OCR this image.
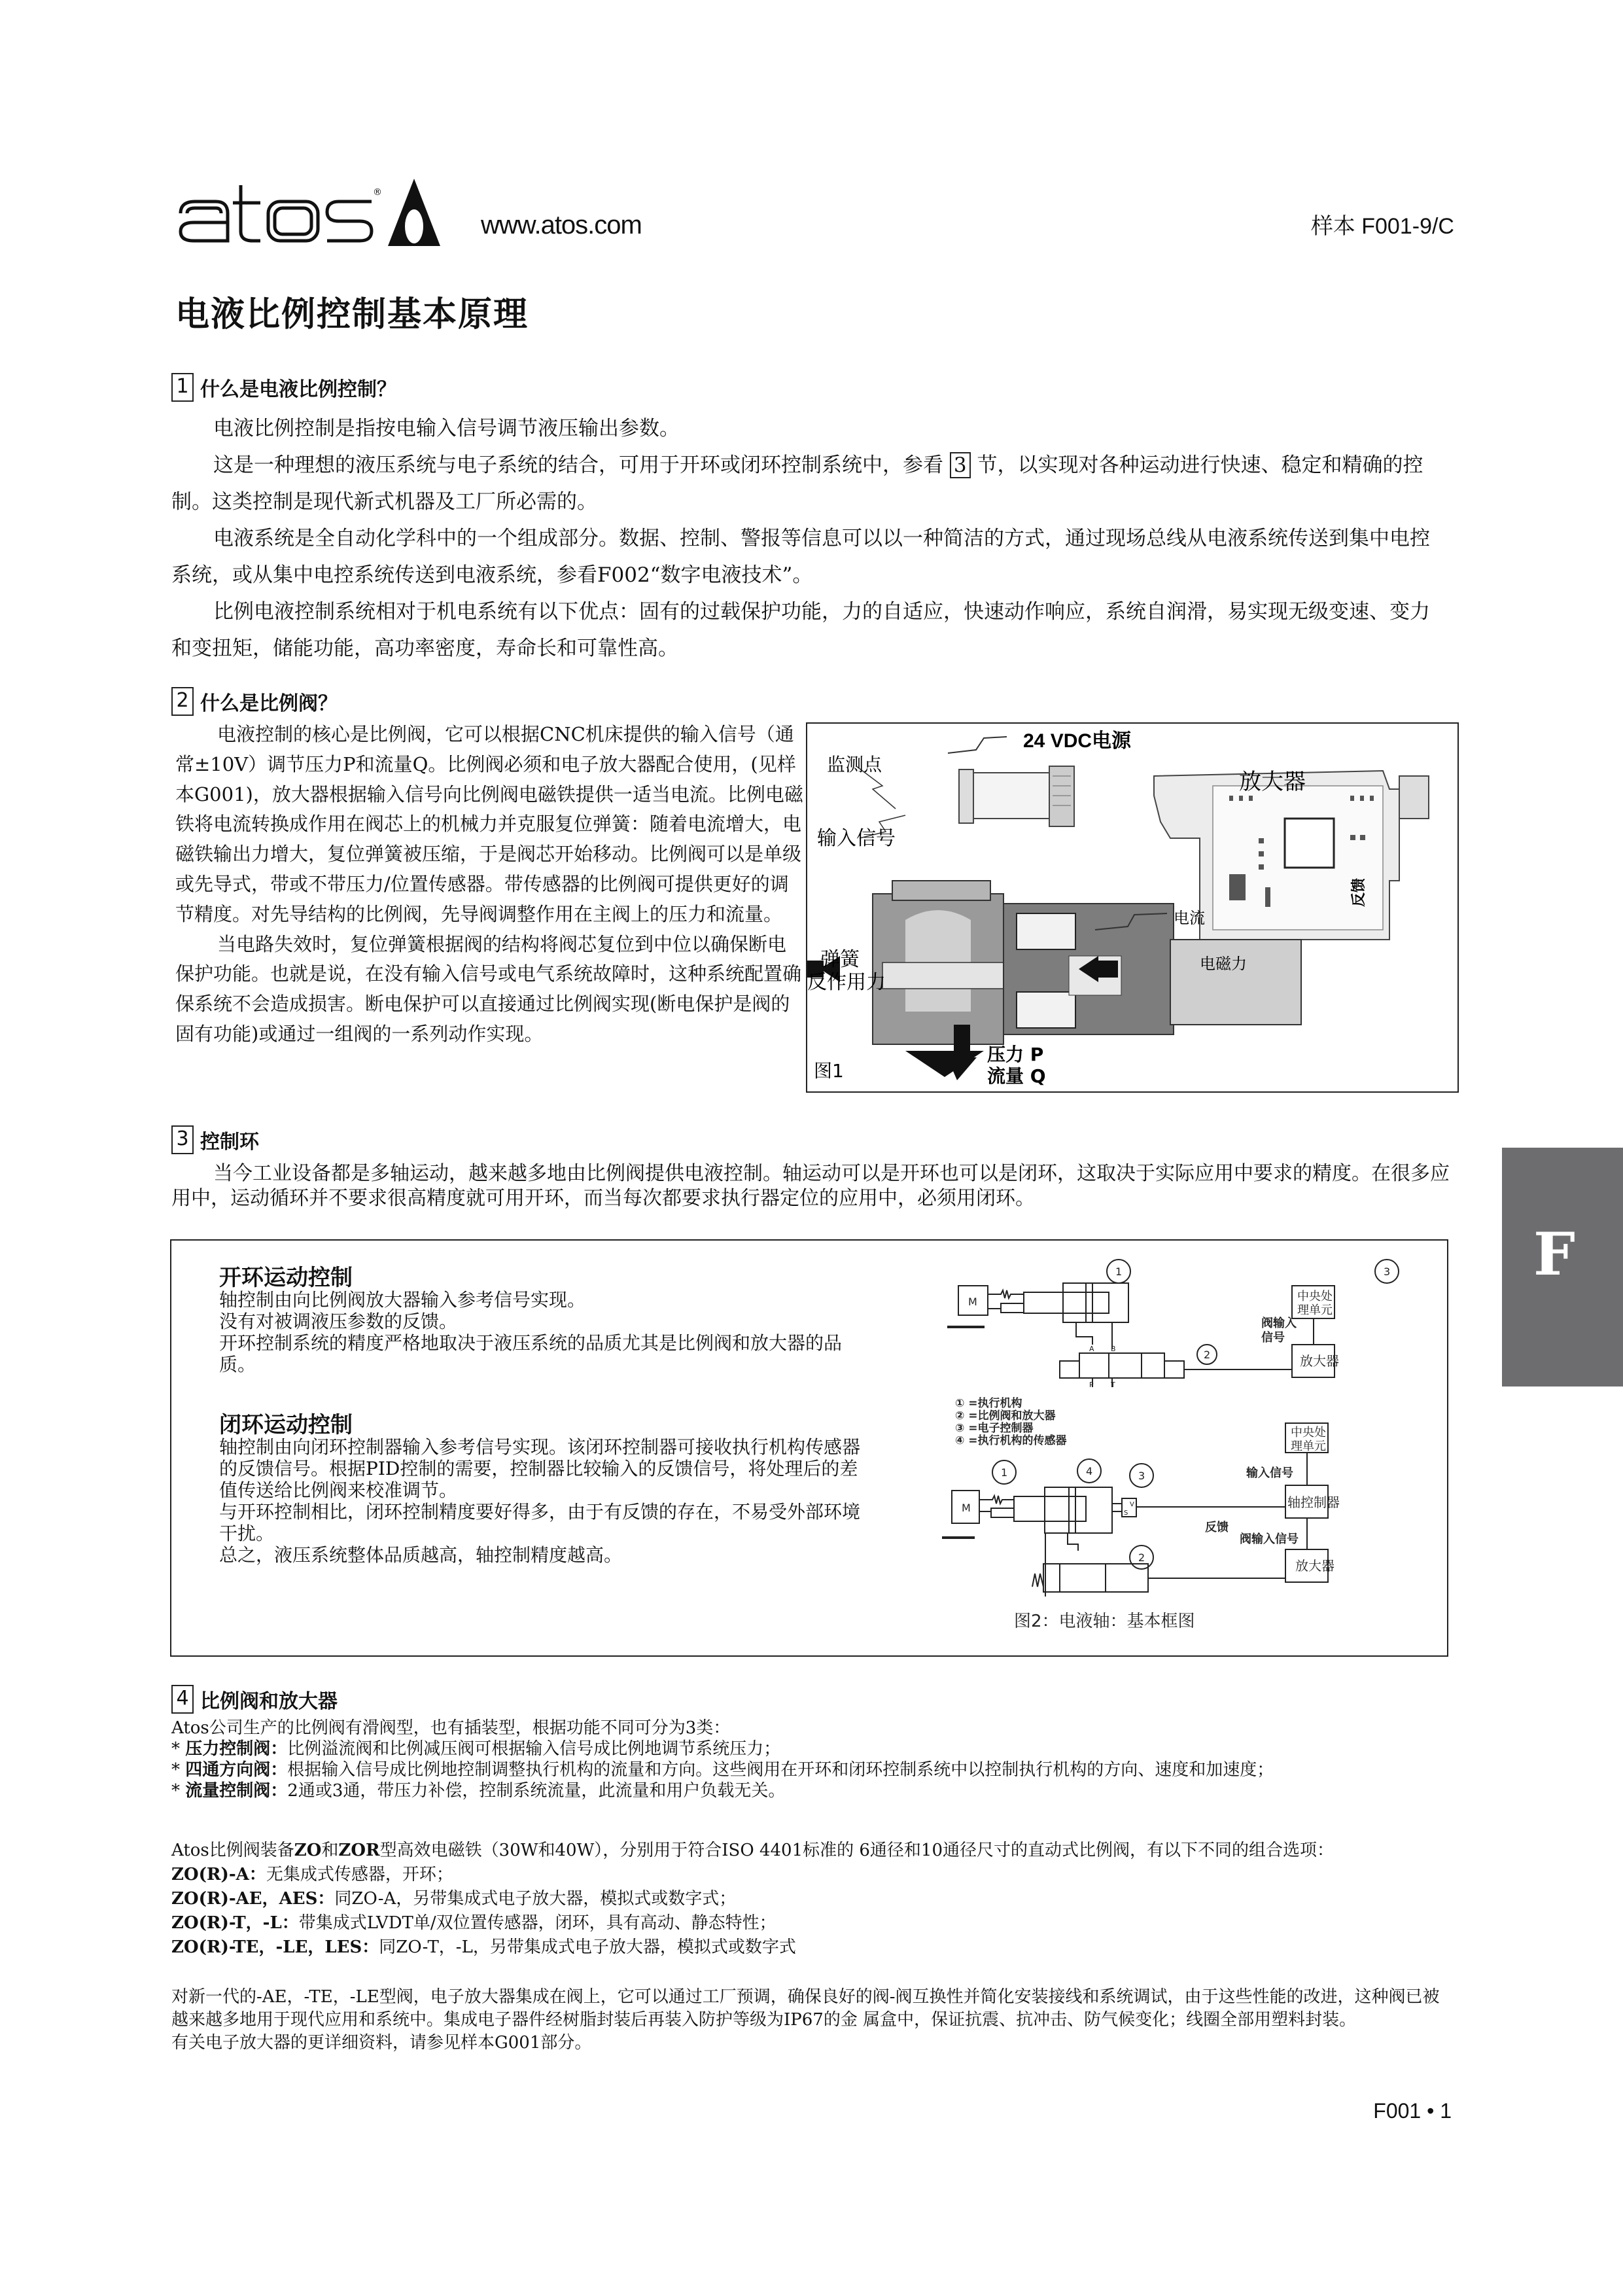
®
www.atos.com	样本 F001-9/C
电液比例控制基本原理
1 什么是电液比例控制？

电液比例控制是指按电输入信号调节液压输出参数。

这是一种理想的液压系统与电子系统的结合，可用于开环或闭环控制系统中，参看 3 节，以实现对各种运动进行快速、稳定和精确的控制。这类控制是现代新式机器及工厂所必需的。

电液系统是全自动化学科中的一个组成部分。数据、控制、警报等信息可以以一种简洁的方式，通过现场总线从电液系统传送到集中电控系统，或从集中电控系统传送到电液系统，参看F002“数字电液技术”。

比例电液控制系统相对于机电系统有以下优点：固有的过载保护功能，力的自适应，快速动作响应，系统自润滑，易实现无级变速、变力和变扭矩，储能功能，高功率密度，寿命长和可靠性高。

2 什么是比例阀？

电液控制的核心是比例阀，它可以根据CNC机床提供的输入信号（通常±10V）调节压力P和流量Q。比例阀必须和电子放大器配合使用，(见样本G001)，放大器根据输入信号向比例阀电磁铁提供一适当电流。比例电磁铁将电流转换成作用在阀芯上的机械力并克服复位弹簧：随着电流增大，电磁铁输出力增大，复位弹簧被压缩，于是阀芯开始移动。比例阀可以是单级或先导式，带或不带压力/位置传感器。带传感器的比例阀可提供更好的调节精度。对先导结构的比例阀，先导阀调整作用在主阀上的压力和流量。

当电路失效时，复位弹簧根据阀的结构将阀芯复位到中位以确保断电保护功能。也就是说，在没有输入信号或电气系统故障时，这种系统配置确保系统不会造成损害。断电保护可以直接通过比例阀实现(断电保护是阀的固有功能)或通过一组阀的一系列动作实现。

24 VDC电源
监测点
输入信号
放大器
反馈
电流
弹簧
反作用力
电磁力
压力 P
流量 Q
图1
3 控制环

当今工业设备都是多轴运动，越来越多地由比例阀提供电液控制。轴运动可以是开环也可以是闭环，这取决于实际应用中要求的精度。在很多应用中，运动循环并不要求很高精度就可用开环，而当每次都要求执行器定位的应用中，必须用闭环。

开环运动控制
轴控制由向比例阀放大器输入参考信号实现。
没有对被调液压参数的反馈。
开环控制系统的精度严格地取决于液压系统的品质尤其是比例阀和放大器的品质。
闭环运动控制
轴控制由向闭环控制器输入参考信号实现。该闭环控制器可接收执行机构传感器的反馈信号。根据PID控制的需要，控制器比较输入的反馈信号，将处理后的差值传送给比例阀来校准调节。
与开环控制相比，闭环控制精度要好得多，由于有反馈的存在，不易受外部环境干扰。
总之，液压系统整体品质越高，轴控制精度越高。
1	3
2
1	4	3
2
M
M
A B
P T
S
V
中央处
理单元
阀输入
信号
放大器
① =执行机构
② =比例阀和放大器
③ =电子控制器
④ =执行机构的传感器
中央处
理单元
输入信号
轴控制器
反馈
阀输入信号
放大器
图2：电液轴：基本框图
4 比例阀和放大器

Atos公司生产的比例阀有滑阀型，也有插装型，根据功能不同可分为3类：

* 压力控制阀：比例溢流阀和比例减压阀可根据输入信号成比例地调节系统压力；

* 四通方向阀：根据输入信号成比例地控制调整执行机构的流量和方向。这些阀用在开环和闭环控制系统中以控制执行机构的方向、速度和加速度；

* 流量控制阀：2通或3通，带压力补偿，控制系统流量，此流量和用户负载无关。

Atos比例阀装备ZO和ZOR型高效电磁铁（30W和40W），分别用于符合ISO 4401标准的 6通径和10通径尺寸的直动式比例阀，有以下不同的组合选项：

ZO(R)-A：无集成式传感器，开环；

ZO(R)-AE，AES：同ZO-A，另带集成式电子放大器，模拟式或数字式；

ZO(R)-T，-L：带集成式LVDT单/双位置传感器，闭环，具有高动、静态特性；

ZO(R)-TE，-LE，LES：同ZO-T，-L，另带集成式电子放大器，模拟式或数字式

对新一代的-AE，-TE，-LE型阀，电子放大器集成在阀上，它可以通过工厂预调，确保良好的阀-阀互换性并简化安装接线和系统调试，由于这些性能的改进，这种阀已被越来越多地用于现代应用和系统中。集成电子器件经树脂封装后再装入防护等级为IP67的金 属盒中，保证抗震、抗冲击、防气候变化；线圈全部用塑料封装。

有关电子放大器的更详细资料，请参见样本G001部分。

F
F001 • 1
